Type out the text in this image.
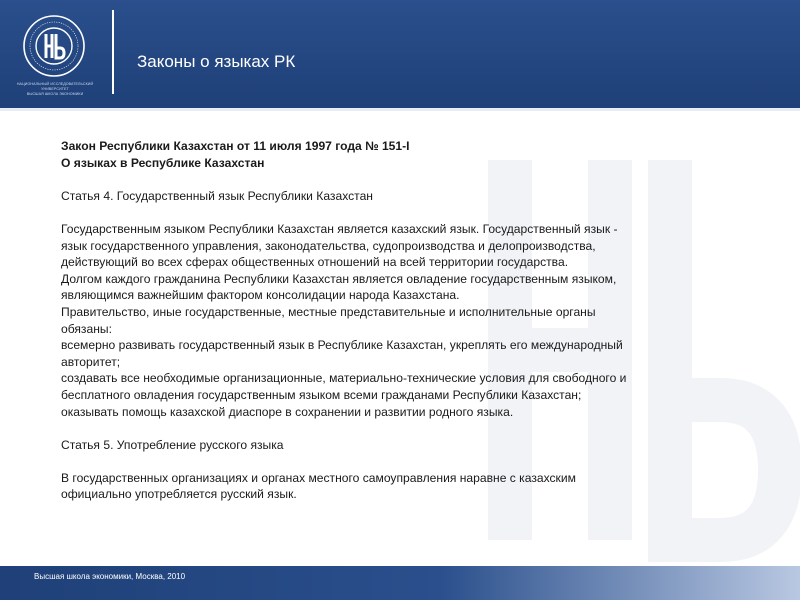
НАЦИОНАЛЬНЫЙ ИССЛЕДОВАТЕЛЬСКИЙ УНИВЕРСИТЕТ
ВЫСШАЯ ШКОЛА ЭКОНОМИКИ
Законы о языках РК

Закон Республики Казахстан от 11 июля 1997 года № 151-I

О языках в Республике Казахстан

Статья 4. Государственный язык Республики Казахстан

Государственным языком Республики Казахстан является казахский язык. Государственный язык -

язык государственного управления, законодательства, судопроизводства и делопроизводства,

действующий во всех сферах общественных отношений на всей территории государства.

Долгом каждого гражданина Республики Казахстан является овладение государственным языком,

являющимся важнейшим фактором консолидации народа Казахстана.

Правительство, иные государственные, местные представительные и исполнительные органы

обязаны:

всемерно развивать государственный язык в Республике Казахстан, укреплять его международный

авторитет;

создавать все необходимые организационные, материально-технические условия для свободного и

бесплатного овладения государственным языком всеми гражданами Республики Казахстан;

оказывать помощь казахской диаспоре в сохранении и развитии родного языка.

Статья 5. Употребление русского языка

В государственных организациях и органах местного самоуправления наравне с казахским

официально употребляется русский язык.

Высшая школа экономики, Москва, 2010
